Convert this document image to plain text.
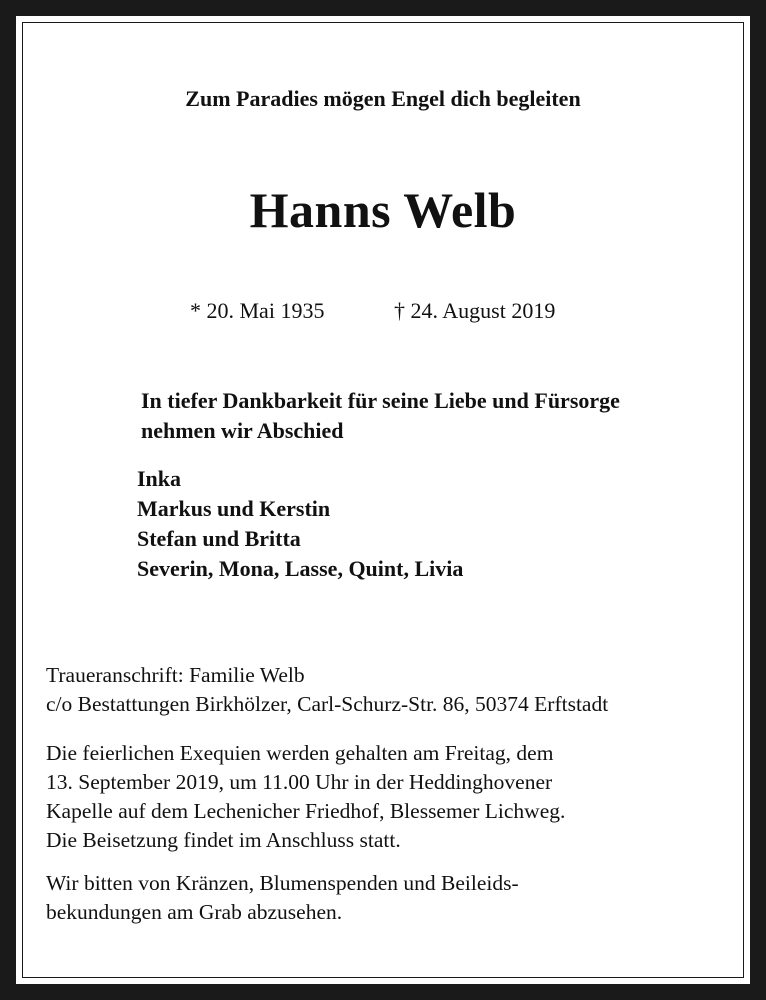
Zum Paradies mögen Engel dich begleiten

Hanns Welb

* 20. Mai 1935	† 24. August 2019

In tiefer Dankbarkeit für seine Liebe und Fürsorge
nehmen wir Abschied
Inka
Markus und Kerstin
Stefan und Britta
Severin, Mona, Lasse, Quint, Livia
Traueranschrift: Familie Welb
c/o Bestattungen Birkhölzer, Carl-Schurz-Str. 86, 50374 Erftstadt
Die feierlichen Exequien werden gehalten am Freitag, dem
13. September 2019, um 11.00 Uhr in der Heddinghovener
Kapelle auf dem Lechenicher Friedhof, Blessemer Lichweg.
Die Beisetzung findet im Anschluss statt.
Wir bitten von Kränzen, Blumenspenden und Beileids-
bekundungen am Grab abzusehen.
